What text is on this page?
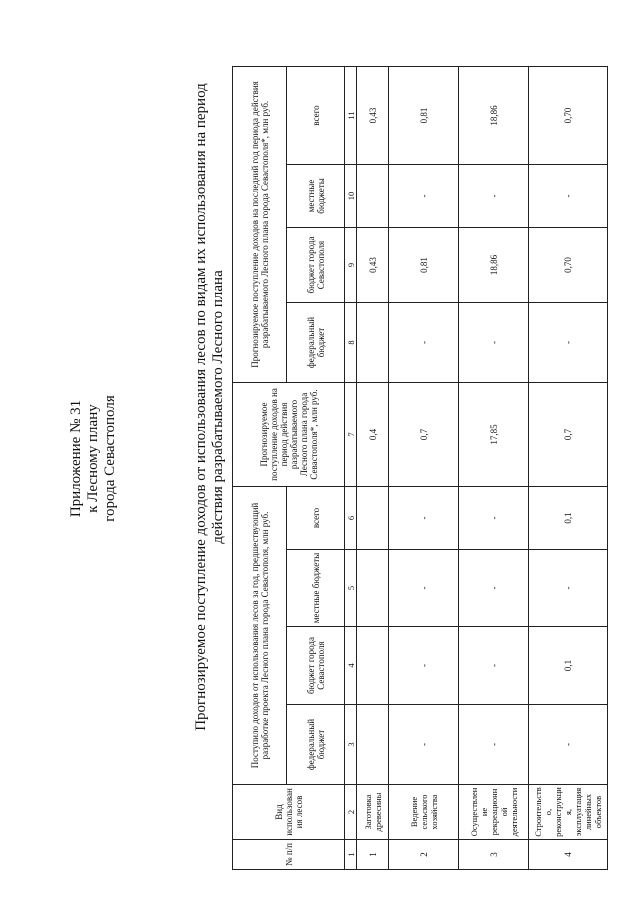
Приложение № 31 к Лесному плану города Севастополя	Прогнозируемое поступление доходов от использования лесов по видам их использования на период действия разрабатываемого Лесного плана
№ п/п	Вид использования лесов	Поступило доходов от использования лесов за год, предшествующий разработке проекта Лесного плана города Севастополя, млн руб.				Прогнозируемое поступление доходов на период действия разрабатываемого Лесного плана города Севастополя*, млн руб.	Прогнозируемое поступление доходов на последний год периода действия разрабатываемого Лесного плана города Севастополя*, млн руб.			
		федеральный бюджет	бюджет города Севастополя	местные бюджеты	всего		федеральный бюджет	бюджет города Севастополя	местные бюджеты	всего
1	2	3	4	5	6	7	8	9	10	11
1	Заготовка древесины					0,4		0,43		0,43
2	Ведение сельского хозяйства	-	-	-	-	0,7	-	0,81	-	0,81
3	Осуществление рекреационной деятельности	-	-	-	-	17,85	-	18,86	-	18,86
4	Строительство, реконструкция, эксплуатация линейных объектов	-	0,1	-	0,1	0,7	-	0,70	-	0,70
